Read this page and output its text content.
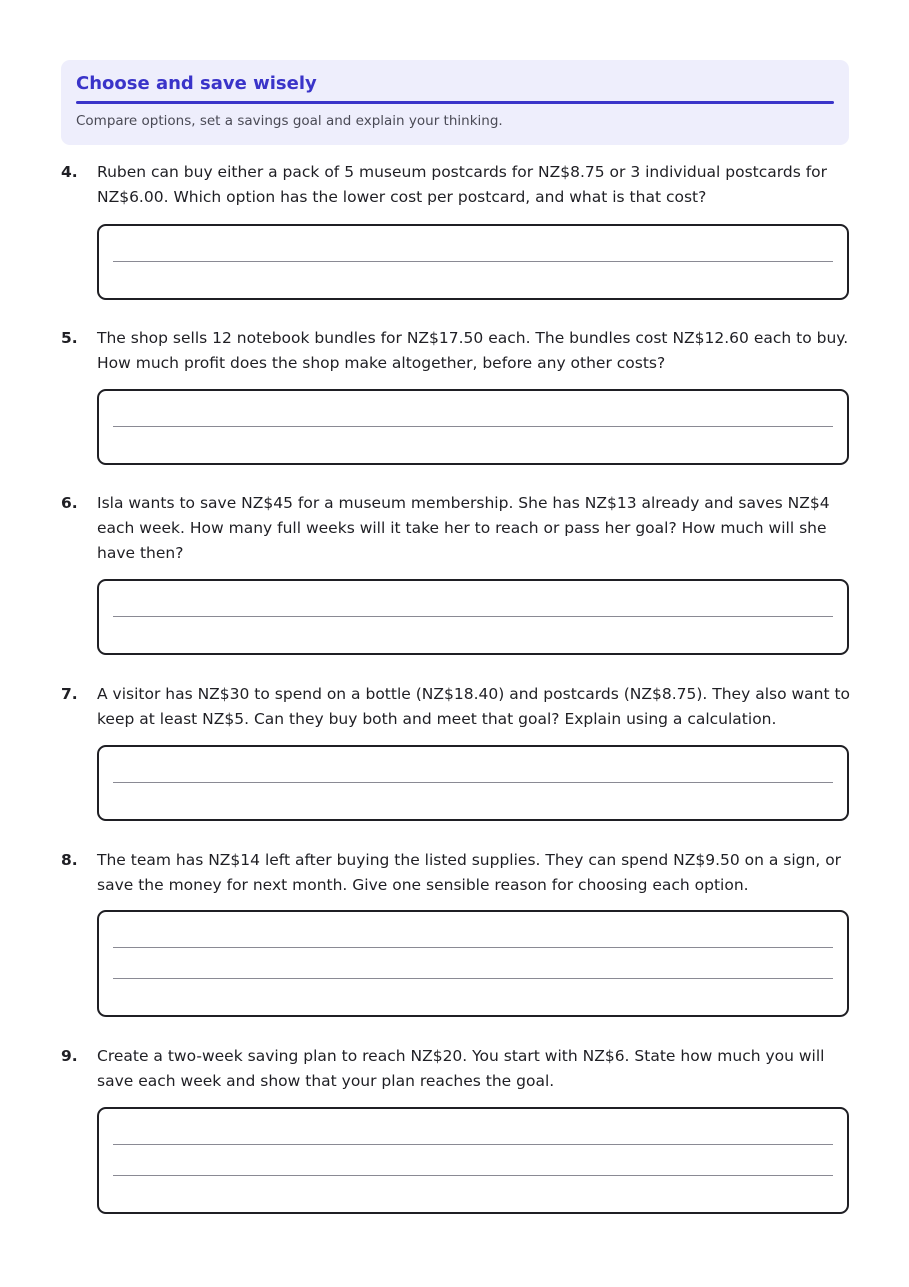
Choose and save wisely
Compare options, set a savings goal and explain your thinking.
4. Ruben can buy either a pack of 5 museum postcards for NZ$8.75 or 3 individual postcards for NZ$6.00. Which option has the lower cost per postcard, and what is that cost?
5. The shop sells 12 notebook bundles for NZ$17.50 each. The bundles cost NZ$12.60 each to buy. How much profit does the shop make altogether, before any other costs?
6. Isla wants to save NZ$45 for a museum membership. She has NZ$13 already and saves NZ$4 each week. How many full weeks will it take her to reach or pass her goal? How much will she have then?
7. A visitor has NZ$30 to spend on a bottle (NZ$18.40) and postcards (NZ$8.75). They also want to keep at least NZ$5. Can they buy both and meet that goal? Explain using a calculation.
8. The team has NZ$14 left after buying the listed supplies. They can spend NZ$9.50 on a sign, or save the money for next month. Give one sensible reason for choosing each option.
9. Create a two-week saving plan to reach NZ$20. You start with NZ$6. State how much you will save each week and show that your plan reaches the goal.
